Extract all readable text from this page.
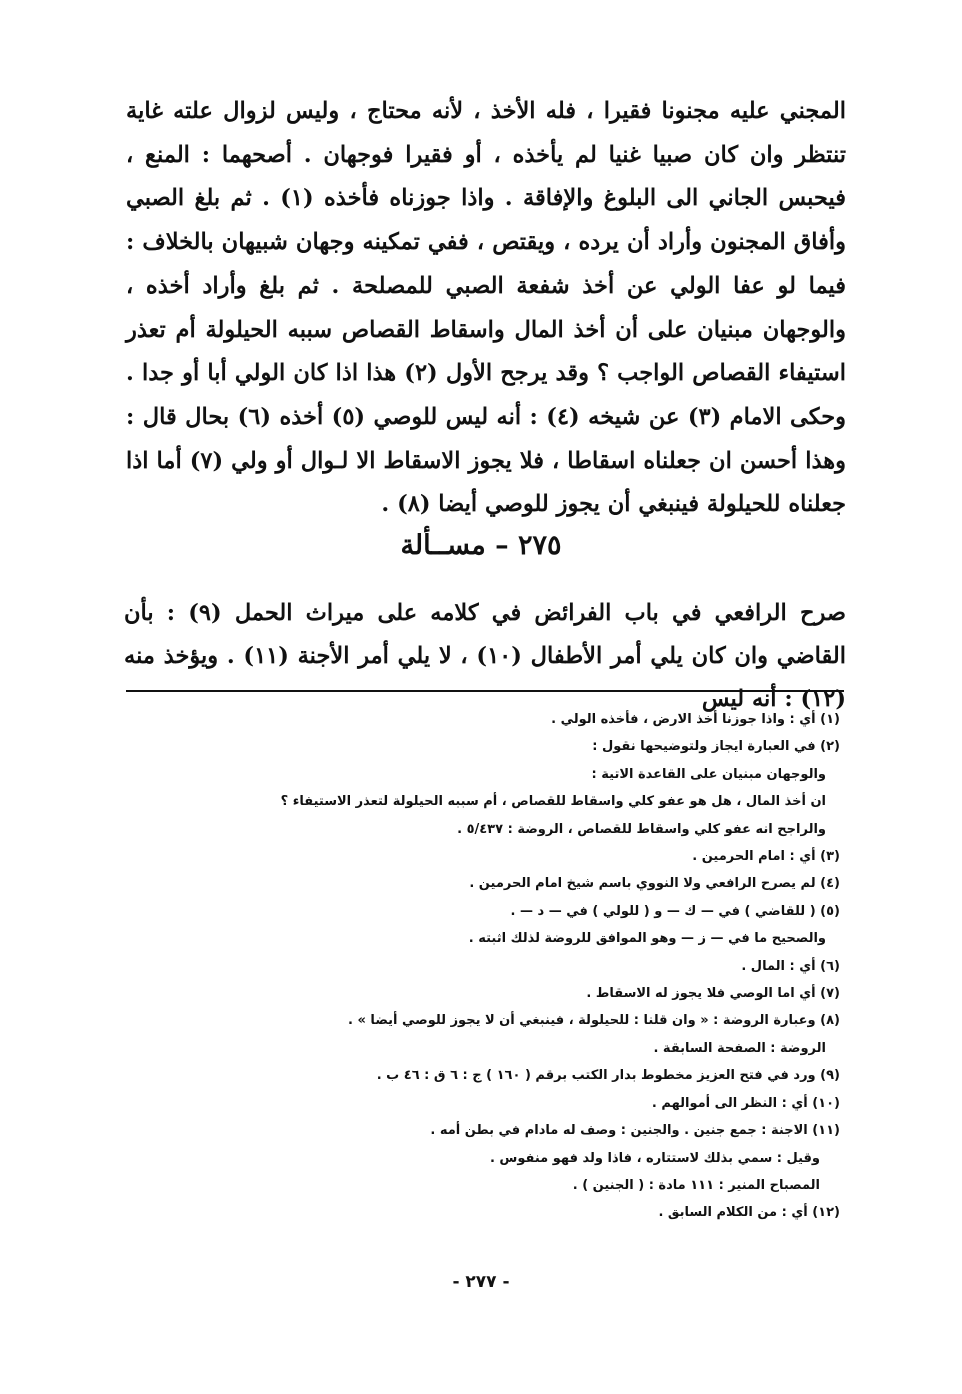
المجني عليه مجنونا فقيرا ، فله الأخذ ، لأنه محتاج ، وليس لزوال علته غاية تنتظر وان كان صبيا غنيا لم يأخذه ، أو فقيرا فوجهان . أصحهما : المنع ، فيحبس الجاني الى البلوغ والإفاقة . واذا جوزناه فأخذه (١) . ثم بلغ الصبي وأفاق المجنون وأراد أن يرده ، ويقتص ، ففي تمكينه وجهان شبيهان بالخلاف : فيما لو عفا الولي عن أخذ شفعة الصبي للمصلحة . ثم بلغ وأراد أخذه ، والوجهان مبنيان على أن أخذ المال واسقاط القصاص سببه الحيلولة أم تعذر استيفاء القصاص الواجب ؟ وقد يرجح الأول (٢) هذا اذا كان الولي أبا أو جدا . وحكى الامام (٣) عن شيخه (٤) : أنه ليس للوصي (٥) أخذه (٦) بحال قال : وهذا أحسن ان جعلناه اسقاطا ، فلا يجوز الاسقاط الا لـوال أو ولي (٧) أما اذا جعلناه للحيلولة فينبغي أن يجوز للوصي أيضا (٨) .

٢٧٥ – مســألة

صرح الرافعي في باب الفرائض في كلامه على ميراث الحمل (٩) : بأن القاضي وان كان يلي أمر الأطفال (١٠) ، لا يلي أمر الأجنة (١١) . ويؤخذ منه (١٢) : أنه ليس

(١) أي : واذا جوزنا أخذ الارض ، فأخذه الولي .
(٢) في العبارة ايجاز ولتوضيحها نقول :
والوجهان مبنيان على القاعدة الاتية :
ان أخذ المال ، هل هو عفو كلي واسقاط للقصاص ، أم سببه الحيلولة لتعذر الاستيفاء ؟
والراجح انه عفو كلي واسقاط للقصاص ، الروضة : ٥/٤٣٧ .
(٣) أي : امام الحرمين .
(٤) لم يصرح الرافعي ولا النووي باسم شيخ امام الحرمين .
(٥) ( للقاضي ) في — ك — و ( للولي ) في — د — .
والصحيح ما في — ز — وهو الموافق للروضة لذلك اثبته .
(٦) أي : المال .
(٧) أي اما الوصي فلا يجوز له الاسقاط .
(٨) وعبارة الروضة : « وان قلنا : للحيلولة ، فينبغي أن لا يجوز للوصي أيضا » .
الروضة : الصفحة السابقة .
(٩) ورد في فتح العزيز مخطوط بدار الكتب برقم ( ١٦٠ ) ج : ٦ ق : ٤٦ ب .
(١٠) أي : النظر الى أموالهم .
(١١) الاجنة : جمع جنين . والجنين : وصف له مادام في بطن أمه .
وقيل : سمي بذلك لاستتاره ، فاذا ولد فهو منفوس .
المصباح المنير : ١١١ مادة : ( الجنين ) .
(١٢) أي : من الكلام السابق .
- ٢٧٧ -
